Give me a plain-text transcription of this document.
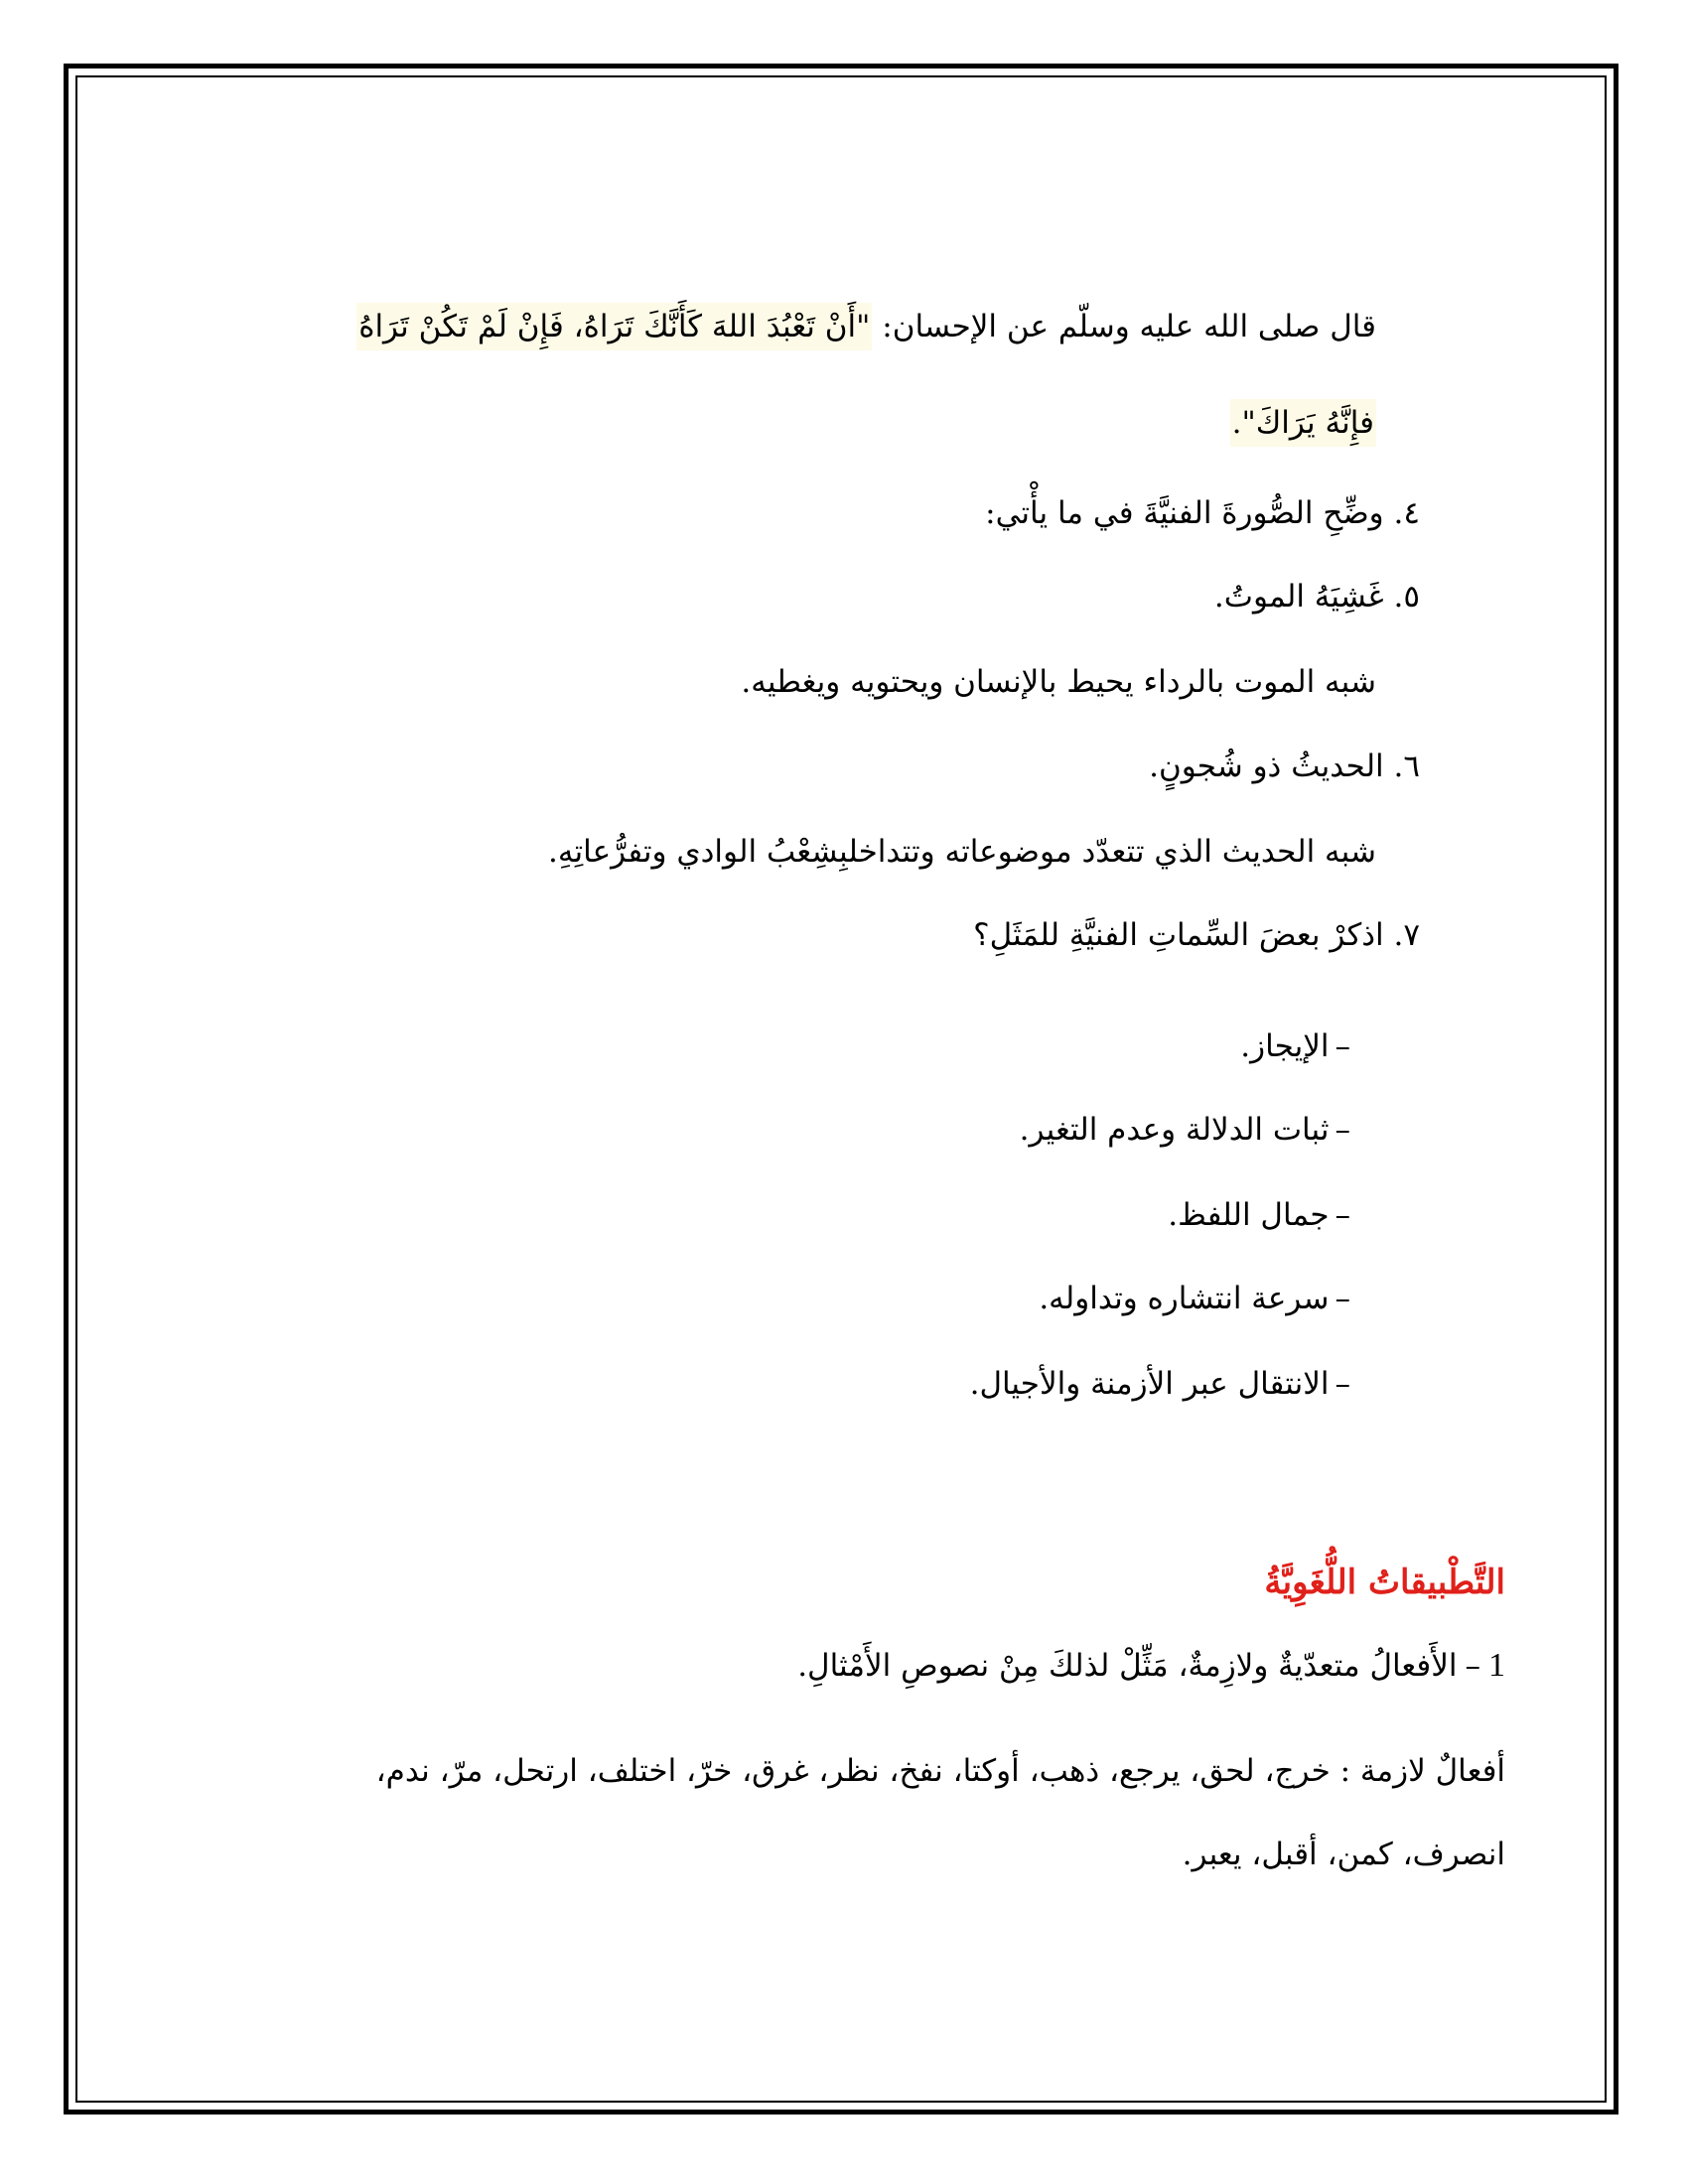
قال صلى الله عليه وسلّم عن الإحسان: "أَنْ تَعْبُدَ اللهَ كَأَنَّكَ تَرَاهُ، فَإِنْ لَمْ تَكُنْ تَرَاهُ
فإِنَّهُ يَرَاكَ".
٤. وضِّحِ الصُّورةَ الفنيَّةَ في ما يأْتي:
٥. غَشِيَهُ الموتُ.
شبه الموت بالرداء يحيط بالإنسان ويحتويه ويغطيه.
٦. الحديثُ ذو شُجونٍ.
شبه الحديث الذي تتعدّد موضوعاته وتتداخلبِشِعْبُ الوادي وتفرُّعاتِهِ.
٧. اذكرْ بعضَ السِّماتِ الفنيَّةِ للمَثَلِ؟
–الإيجاز.
–ثبات الدلالة وعدم التغير.
–جمال اللفظ.
–سرعة انتشاره وتداوله.
–الانتقال عبر الأزمنة والأجيال.
التَّطْبيقاتُ اللُّغَوِيَّةُ
1–الأَفعالُ متعدّيةٌ ولازِمةٌ، مَثِّلْ لذلكَ مِنْ نصوصِ الأَمْثالِ.
أفعالٌ لازمة : خرج، لحق، يرجع، ذهب، أوكتا، نفخ، نظر، غرق، خرّ، اختلف، ارتحل، مرّ، ندم،
انصرف، كمن، أقبل، يعبر.
